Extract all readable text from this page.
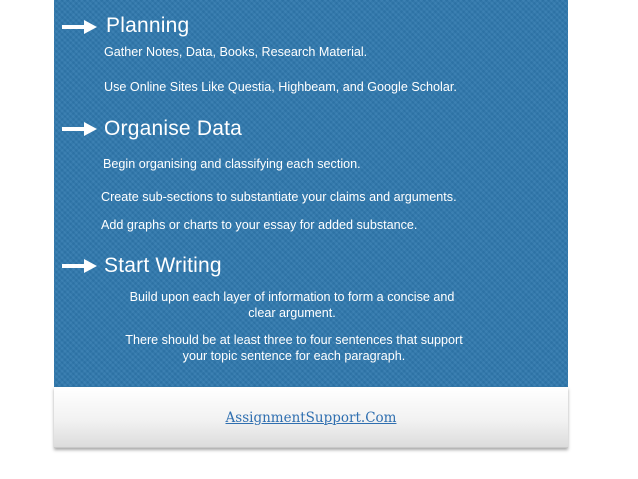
Planning
Gather Notes, Data, Books, Research Material.
Use Online Sites Like Questia, Highbeam, and Google Scholar.
Organise Data
Begin organising and classifying each section.
Create sub-sections to substantiate your claims and arguments.
Add graphs or charts to your essay for added substance.
Start Writing
Build upon each layer of information to form a concise and
clear argument.
There should be at least three to four sentences that support
your topic sentence for each paragraph.
AssignmentSupport.Com
